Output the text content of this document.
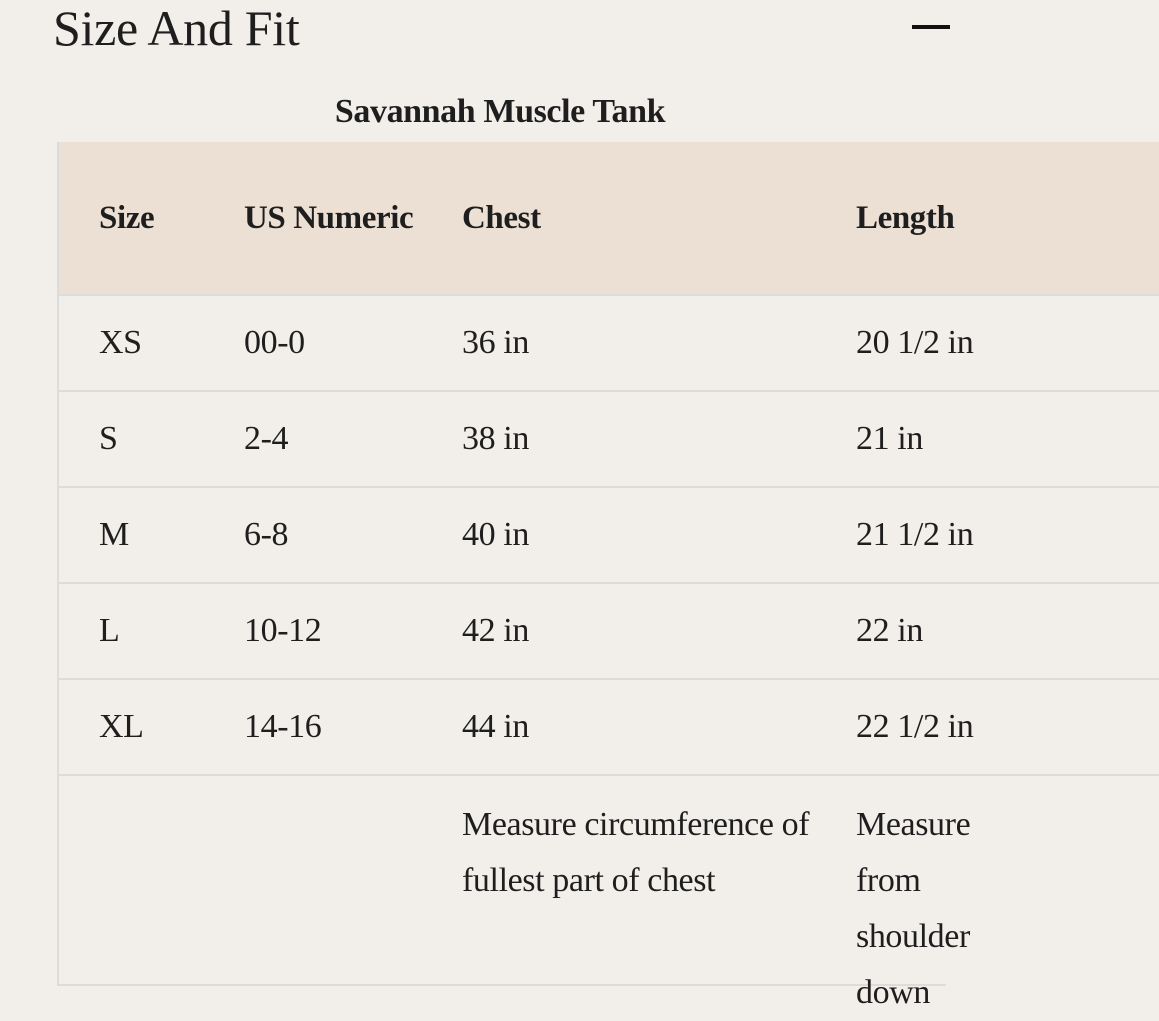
Size And Fit
Savannah Muscle Tank
Size	US Numeric	Chest	Length
XS	00-0	36 in	20 1/2 in
S	2-4	38 in	21 in
M	6-8	40 in	21 1/2 in
L	10-12	42 in	22 in
XL	14-16	44 in	22 1/2 in
		Measure circumference of fullest part of chest	Measure from shoulder down
